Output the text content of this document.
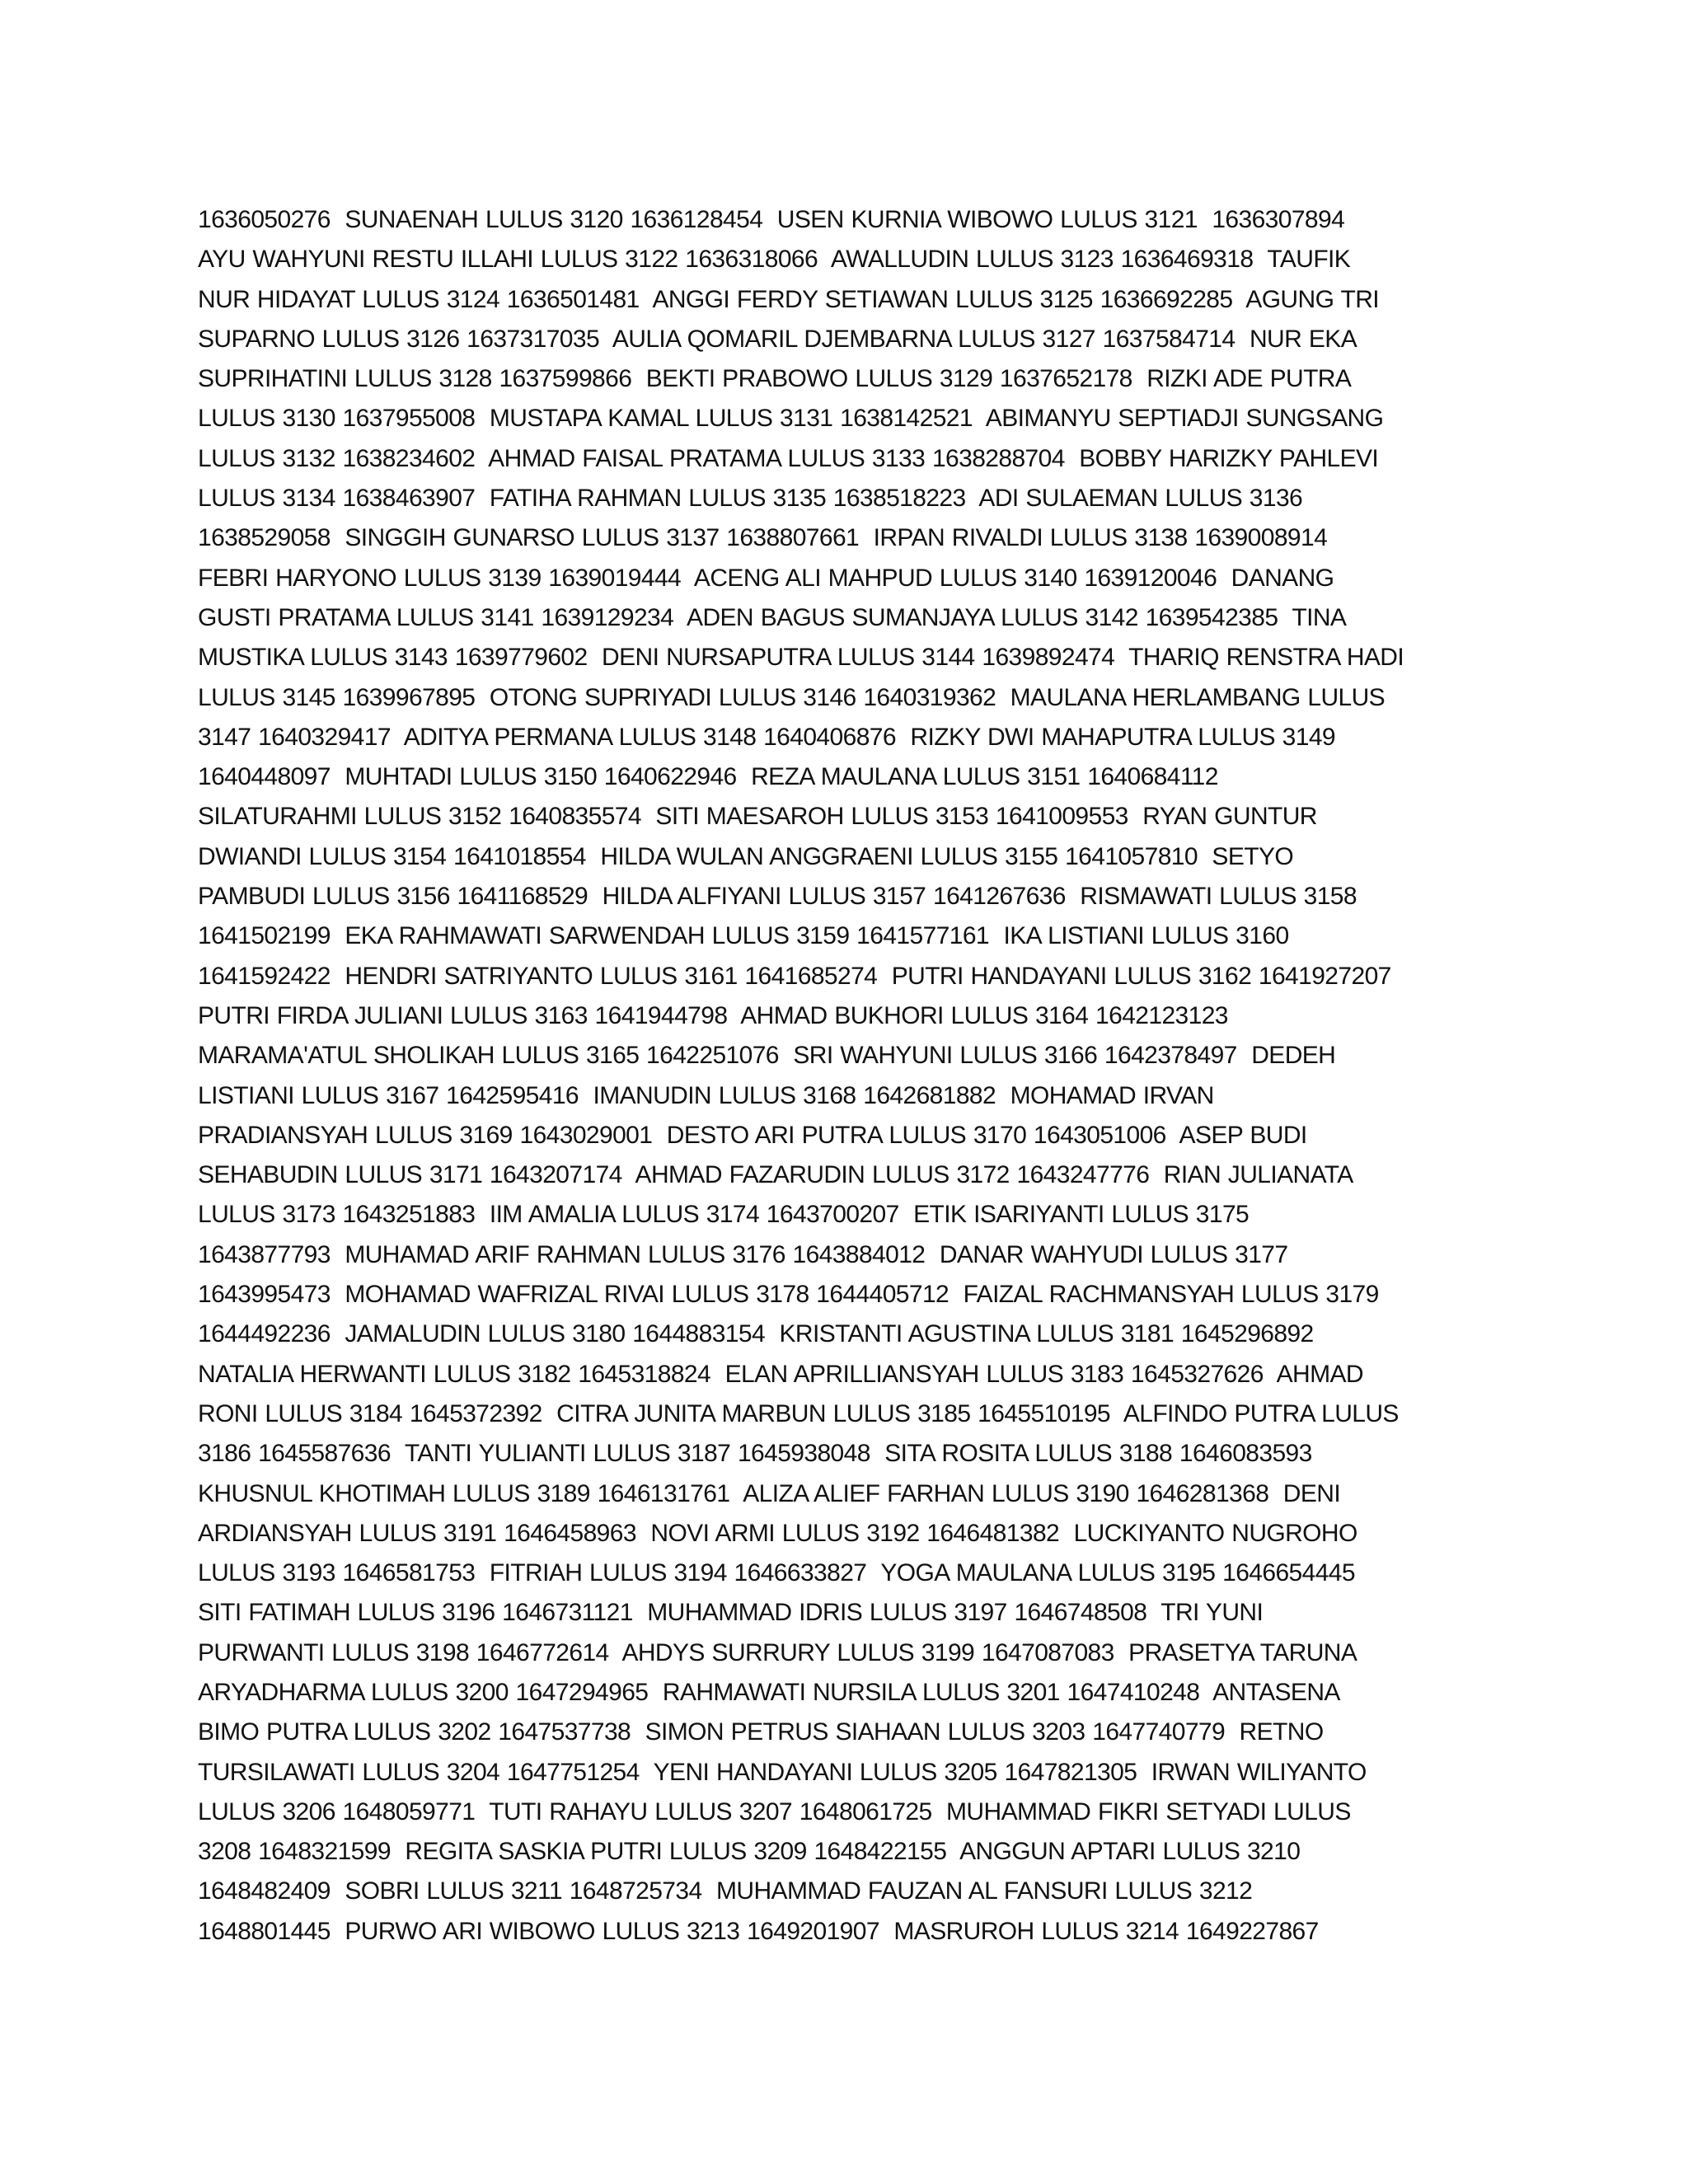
1636050276  SUNAENAH LULUS 3120 1636128454  USEN KURNIA WIBOWO LULUS 3121  1636307894
AYU WAHYUNI RESTU ILLAHI LULUS 3122 1636318066  AWALLUDIN LULUS 3123 1636469318  TAUFIK
NUR HIDAYAT LULUS 3124 1636501481  ANGGI FERDY SETIAWAN LULUS 3125 1636692285  AGUNG TRI
SUPARNO LULUS 3126 1637317035  AULIA QOMARIL DJEMBARNA LULUS 3127 1637584714  NUR EKA
SUPRIHATINI LULUS 3128 1637599866  BEKTI PRABOWO LULUS 3129 1637652178  RIZKI ADE PUTRA
LULUS 3130 1637955008  MUSTAPA KAMAL LULUS 3131 1638142521  ABIMANYU SEPTIADJI SUNGSANG
LULUS 3132 1638234602  AHMAD FAISAL PRATAMA LULUS 3133 1638288704  BOBBY HARIZKY PAHLEVI
LULUS 3134 1638463907  FATIHA RAHMAN LULUS 3135 1638518223  ADI SULAEMAN LULUS 3136
1638529058  SINGGIH GUNARSO LULUS 3137 1638807661  IRPAN RIVALDI LULUS 3138 1639008914
FEBRI HARYONO LULUS 3139 1639019444  ACENG ALI MAHPUD LULUS 3140 1639120046  DANANG
GUSTI PRATAMA LULUS 3141 1639129234  ADEN BAGUS SUMANJAYA LULUS 3142 1639542385  TINA
MUSTIKA LULUS 3143 1639779602  DENI NURSAPUTRA LULUS 3144 1639892474  THARIQ RENSTRA HADI
LULUS 3145 1639967895  OTONG SUPRIYADI LULUS 3146 1640319362  MAULANA HERLAMBANG LULUS
3147 1640329417  ADITYA PERMANA LULUS 3148 1640406876  RIZKY DWI MAHAPUTRA LULUS 3149
1640448097  MUHTADI LULUS 3150 1640622946  REZA MAULANA LULUS 3151 1640684112
SILATURAHMI LULUS 3152 1640835574  SITI MAESAROH LULUS 3153 1641009553  RYAN GUNTUR
DWIANDI LULUS 3154 1641018554  HILDA WULAN ANGGRAENI LULUS 3155 1641057810  SETYO
PAMBUDI LULUS 3156 1641168529  HILDA ALFIYANI LULUS 3157 1641267636  RISMAWATI LULUS 3158
1641502199  EKA RAHMAWATI SARWENDAH LULUS 3159 1641577161  IKA LISTIANI LULUS 3160
1641592422  HENDRI SATRIYANTO LULUS 3161 1641685274  PUTRI HANDAYANI LULUS 3162 1641927207
PUTRI FIRDA JULIANI LULUS 3163 1641944798  AHMAD BUKHORI LULUS 3164 1642123123
MARAMA'ATUL SHOLIKAH LULUS 3165 1642251076  SRI WAHYUNI LULUS 3166 1642378497  DEDEH
LISTIANI LULUS 3167 1642595416  IMANUDIN LULUS 3168 1642681882  MOHAMAD IRVAN
PRADIANSYAH LULUS 3169 1643029001  DESTO ARI PUTRA LULUS 3170 1643051006  ASEP BUDI
SEHABUDIN LULUS 3171 1643207174  AHMAD FAZARUDIN LULUS 3172 1643247776  RIAN JULIANATA
LULUS 3173 1643251883  IIM AMALIA LULUS 3174 1643700207  ETIK ISARIYANTI LULUS 3175
1643877793  MUHAMAD ARIF RAHMAN LULUS 3176 1643884012  DANAR WAHYUDI LULUS 3177
1643995473  MOHAMAD WAFRIZAL RIVAI LULUS 3178 1644405712  FAIZAL RACHMANSYAH LULUS 3179
1644492236  JAMALUDIN LULUS 3180 1644883154  KRISTANTI AGUSTINA LULUS 3181 1645296892
NATALIA HERWANTI LULUS 3182 1645318824  ELAN APRILLIANSYAH LULUS 3183 1645327626  AHMAD
RONI LULUS 3184 1645372392  CITRA JUNITA MARBUN LULUS 3185 1645510195  ALFINDO PUTRA LULUS
3186 1645587636  TANTI YULIANTI LULUS 3187 1645938048  SITA ROSITA LULUS 3188 1646083593
KHUSNUL KHOTIMAH LULUS 3189 1646131761  ALIZA ALIEF FARHAN LULUS 3190 1646281368  DENI
ARDIANSYAH LULUS 3191 1646458963  NOVI ARMI LULUS 3192 1646481382  LUCKIYANTO NUGROHO
LULUS 3193 1646581753  FITRIAH LULUS 3194 1646633827  YOGA MAULANA LULUS 3195 1646654445
SITI FATIMAH LULUS 3196 1646731121  MUHAMMAD IDRIS LULUS 3197 1646748508  TRI YUNI
PURWANTI LULUS 3198 1646772614  AHDYS SURRURY LULUS 3199 1647087083  PRASETYA TARUNA
ARYADHARMA LULUS 3200 1647294965  RAHMAWATI NURSILA LULUS 3201 1647410248  ANTASENA
BIMO PUTRA LULUS 3202 1647537738  SIMON PETRUS SIAHAAN LULUS 3203 1647740779  RETNO
TURSILAWATI LULUS 3204 1647751254  YENI HANDAYANI LULUS 3205 1647821305  IRWAN WILIYANTO
LULUS 3206 1648059771  TUTI RAHAYU LULUS 3207 1648061725  MUHAMMAD FIKRI SETYADI LULUS
3208 1648321599  REGITA SASKIA PUTRI LULUS 3209 1648422155  ANGGUN APTARI LULUS 3210
1648482409  SOBRI LULUS 3211 1648725734  MUHAMMAD FAUZAN AL FANSURI LULUS 3212
1648801445  PURWO ARI WIBOWO LULUS 3213 1649201907  MASRUROH LULUS 3214 1649227867
